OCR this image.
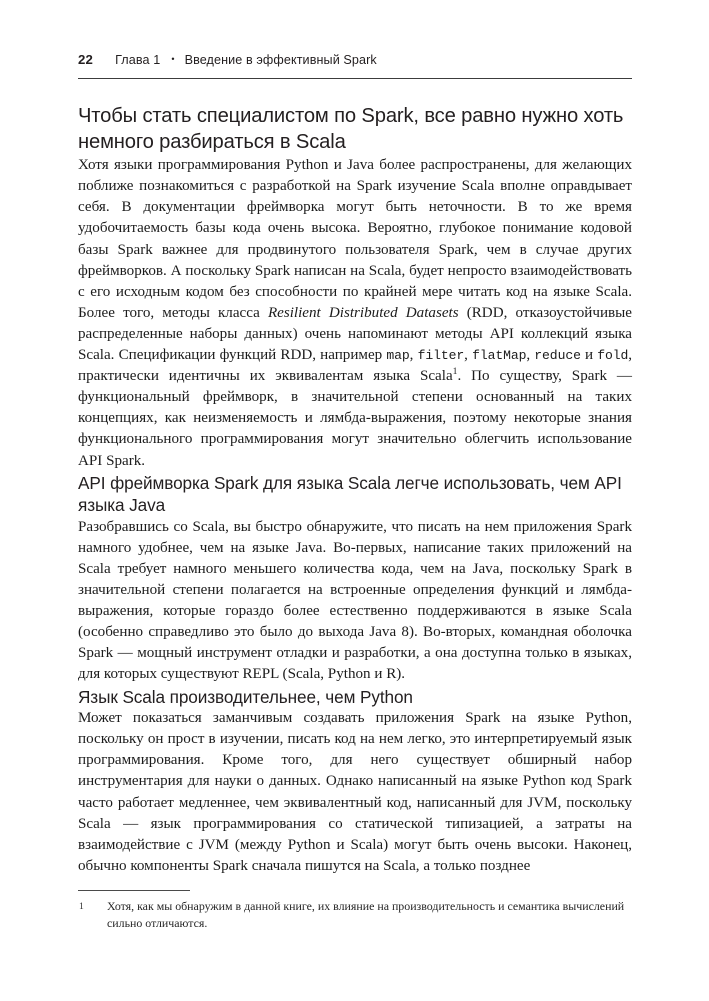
22 Глава 1 • Введение в эффективный Spark
Чтобы стать специалистом по Spark, все равно нужно хоть немного разбираться в Scala

Хотя языки программирования Python и Java более распространены, для желающих поближе познакомиться с разработкой на Spark изучение Scala вполне оправдывает себя. В документации фреймворка могут быть неточности. В то же время удобочитаемость базы кода очень высока. Вероятно, глубокое понимание кодовой базы Spark важнее для продвинутого пользователя Spark, чем в случае других фреймворков. А поскольку Spark написан на Scala, будет непросто взаимодействовать с его исходным кодом без способности по крайней мере читать код на языке Scala. Более того, методы класса Resilient Distributed Datasets (RDD, отказоустойчивые распределенные наборы данных) очень напоминают методы API коллекций языка Scala. Спецификации функций RDD, например map, filter, flatMap, reduce и fold, практически идентичны их эквивалентам языка Scala$^1$. По существу, Spark — функциональный фреймворк, в значительной степени основанный на таких концепциях, как неизменяемость и лямбда-выражения, поэтому некоторые знания функционального программирования могут значительно облегчить использование API Spark.

API фреймворка Spark для языка Scala легче использовать, чем API языка Java

Разобравшись со Scala, вы быстро обнаружите, что писать на нем приложения Spark намного удобнее, чем на языке Java. Во-первых, написание таких приложений на Scala требует намного меньшего количества кода, чем на Java, поскольку Spark в значительной степени полагается на встроенные определения функций и лямбда-выражения, которые гораздо более естественно поддерживаются в языке Scala (особенно справедливо это было до выхода Java 8). Во-вторых, командная оболочка Spark — мощный инструмент отладки и разработки, а она доступна только в языках, для которых существуют REPL (Scala, Python и R).

Язык Scala производительнее, чем Python

Может показаться заманчивым создавать приложения Spark на языке Python, поскольку он прост в изучении, писать код на нем легко, это интерпретируемый язык программирования. Кроме того, для него существует обширный набор инструментария для науки о данных. Однако написанный на языке Python код Spark часто работает медленнее, чем эквивалентный код, написанный для JVM, поскольку Scala — язык программирования со статической типизацией, а затраты на взаимодействие с JVM (между Python и Scala) могут быть очень высоки. Наконец, обычно компоненты Spark сначала пишутся на Scala, а только позднее

1 Хотя, как мы обнаружим в данной книге, их влияние на производительность и семантика вычислений сильно отличаются.
